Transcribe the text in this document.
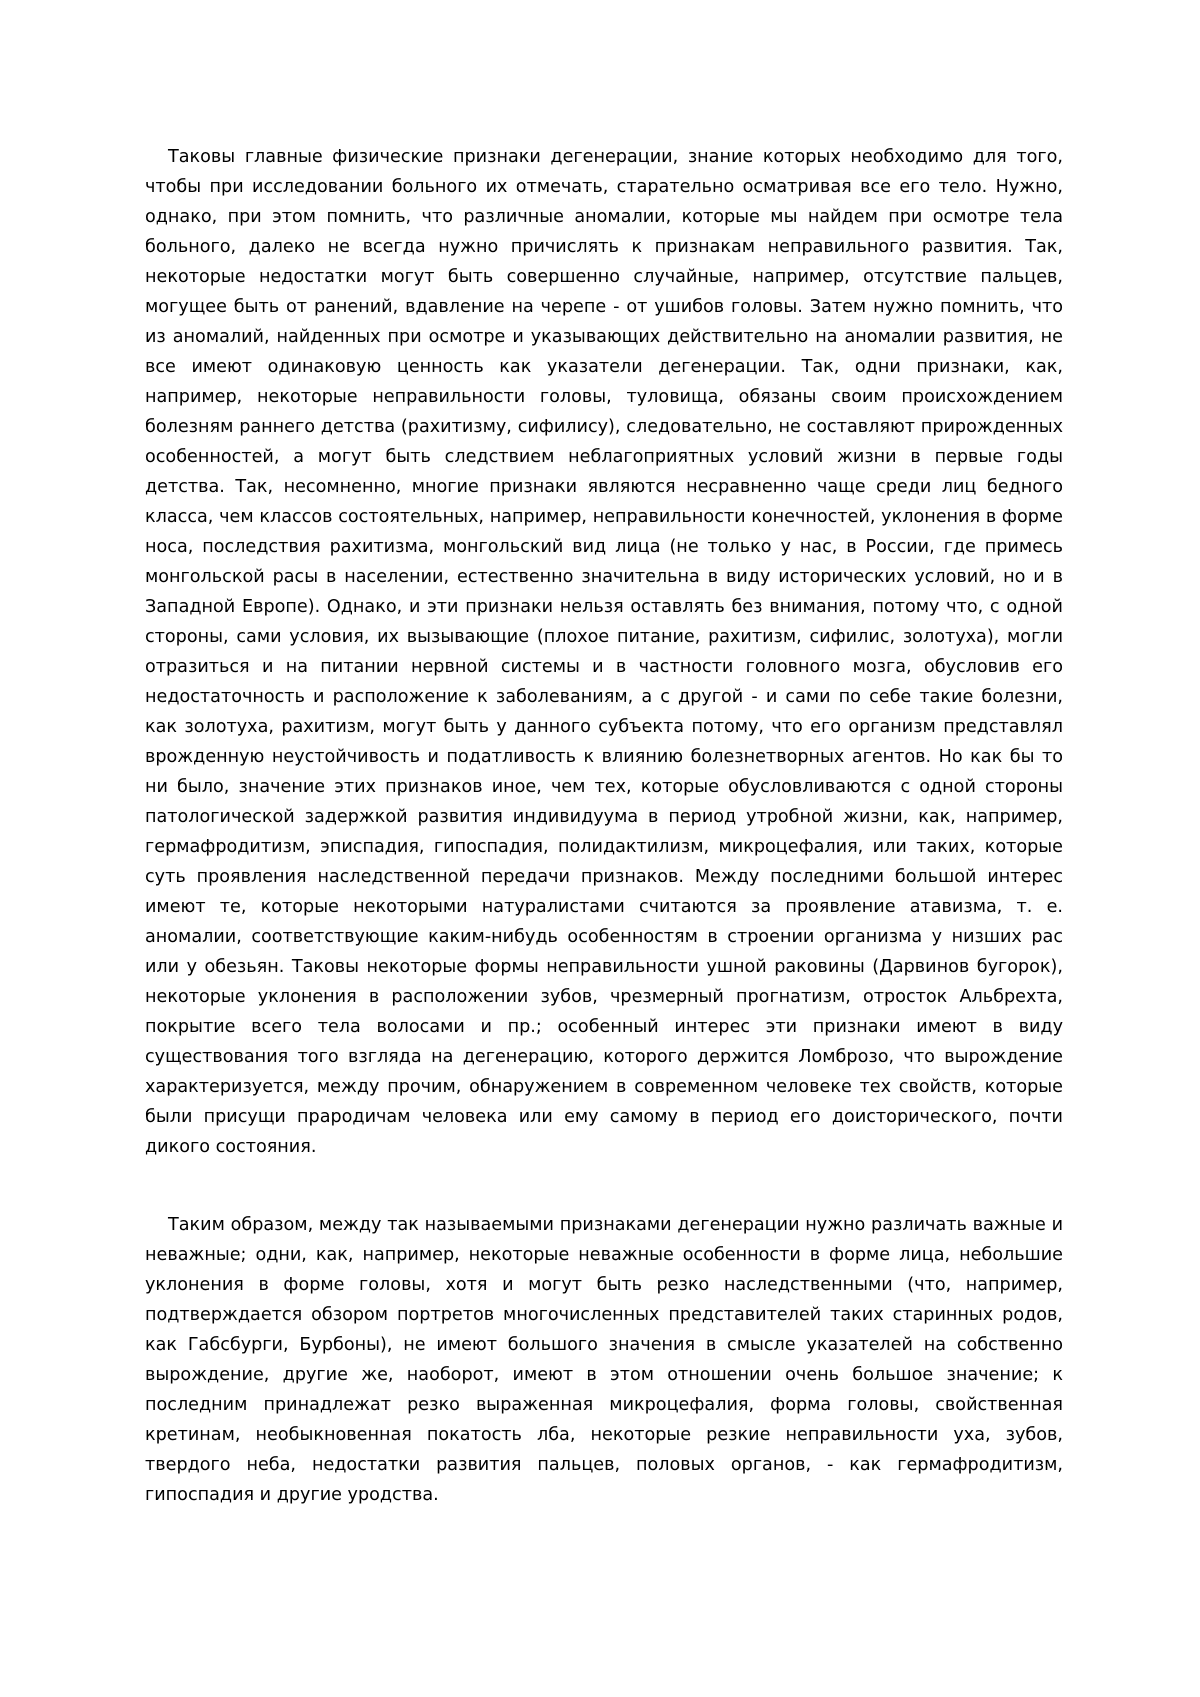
Таковы главные физические признаки дегенерации, знание которых необходимо для того, чтобы при исследовании больного их отмечать, старательно осматривая все его тело. Нужно, однако, при этом помнить, что различные аномалии, которые мы найдем при осмотре тела больного, далеко не всегда нужно причислять к признакам неправильного развития. Так, некоторые недостатки могут быть совершенно случайные, например, отсутствие пальцев, могущее быть от ранений, вдавление на черепе - от ушибов головы. Затем нужно помнить, что из аномалий, найденных при осмотре и указывающих действительно на аномалии развития, не все имеют одинаковую ценность как указатели дегенерации. Так, одни признаки, как, например, некоторые неправильности головы, туловища, обязаны своим происхождением болезням раннего детства (рахитизму, сифилису), следовательно, не составляют прирожденных особенностей, а могут быть следствием неблагоприятных условий жизни в первые годы детства. Так, несомненно, многие признаки являются несравненно чаще среди лиц бедного класса, чем классов состоятельных, например, неправильности конечностей, уклонения в форме носа, последствия рахитизма, монгольский вид лица (не только у нас, в России, где примесь монгольской расы в населении, естественно значительна в виду исторических условий, но и в Западной Европе). Однако, и эти признаки нельзя оставлять без внимания, потому что, с одной стороны, сами условия, их вызывающие (плохое питание, рахитизм, сифилис, золотуха), могли отразиться и на питании нервной системы и в частности головного мозга, обусловив его недостаточность и расположение к заболеваниям, а с другой - и сами по себе такие болезни, как золотуха, рахитизм, могут быть у данного субъекта потому, что его организм представлял врожденную неустойчивость и податливость к влиянию болезнетворных агентов. Но как бы то ни было, значение этих признаков иное, чем тех, которые обусловливаются с одной стороны патологической задержкой развития индивидуума в период утробной жизни, как, например, гермафродитизм, эписпадия, гипоспадия, полидактилизм, микроцефалия, или таких, которые суть проявления наследственной передачи признаков. Между последними большой интерес имеют те, которые некоторыми натуралистами считаются за проявление атавизма, т. е. аномалии, соответствующие каким-нибудь особенностям в строении организма у низших рас или у обезьян. Таковы некоторые формы неправильности ушной раковины (Дарвинов бугорок), некоторые уклонения в расположении зубов, чрезмерный прогнатизм, отросток Альбрехта, покрытие всего тела волосами и пр.; особенный интерес эти признаки имеют в виду существования того взгляда на дегенерацию, которого держится Ломброзо, что вырождение характеризуется, между прочим, обнаружением в современном человеке тех свойств, которые были присущи прародичам человека или ему самому в период его доисторического, почти дикого состояния.

Таким образом, между так называемыми признаками дегенерации нужно различать важные и неважные; одни, как, например, некоторые неважные особенности в форме лица, небольшие уклонения в форме головы, хотя и могут быть резко наследственными (что, например, подтверждается обзором портретов многочисленных представителей таких старинных родов, как Габсбурги, Бурбоны), не имеют большого значения в смысле указателей на собственно вырождение, другие же, наоборот, имеют в этом отношении очень большое значение; к последним принадлежат резко выраженная микроцефалия, форма головы, свойственная кретинам, необыкновенная покатость лба, некоторые резкие неправильности уха, зубов, твердого неба, недостатки развития пальцев, половых органов, - как гермафродитизм, гипоспадия и другие уродства.
